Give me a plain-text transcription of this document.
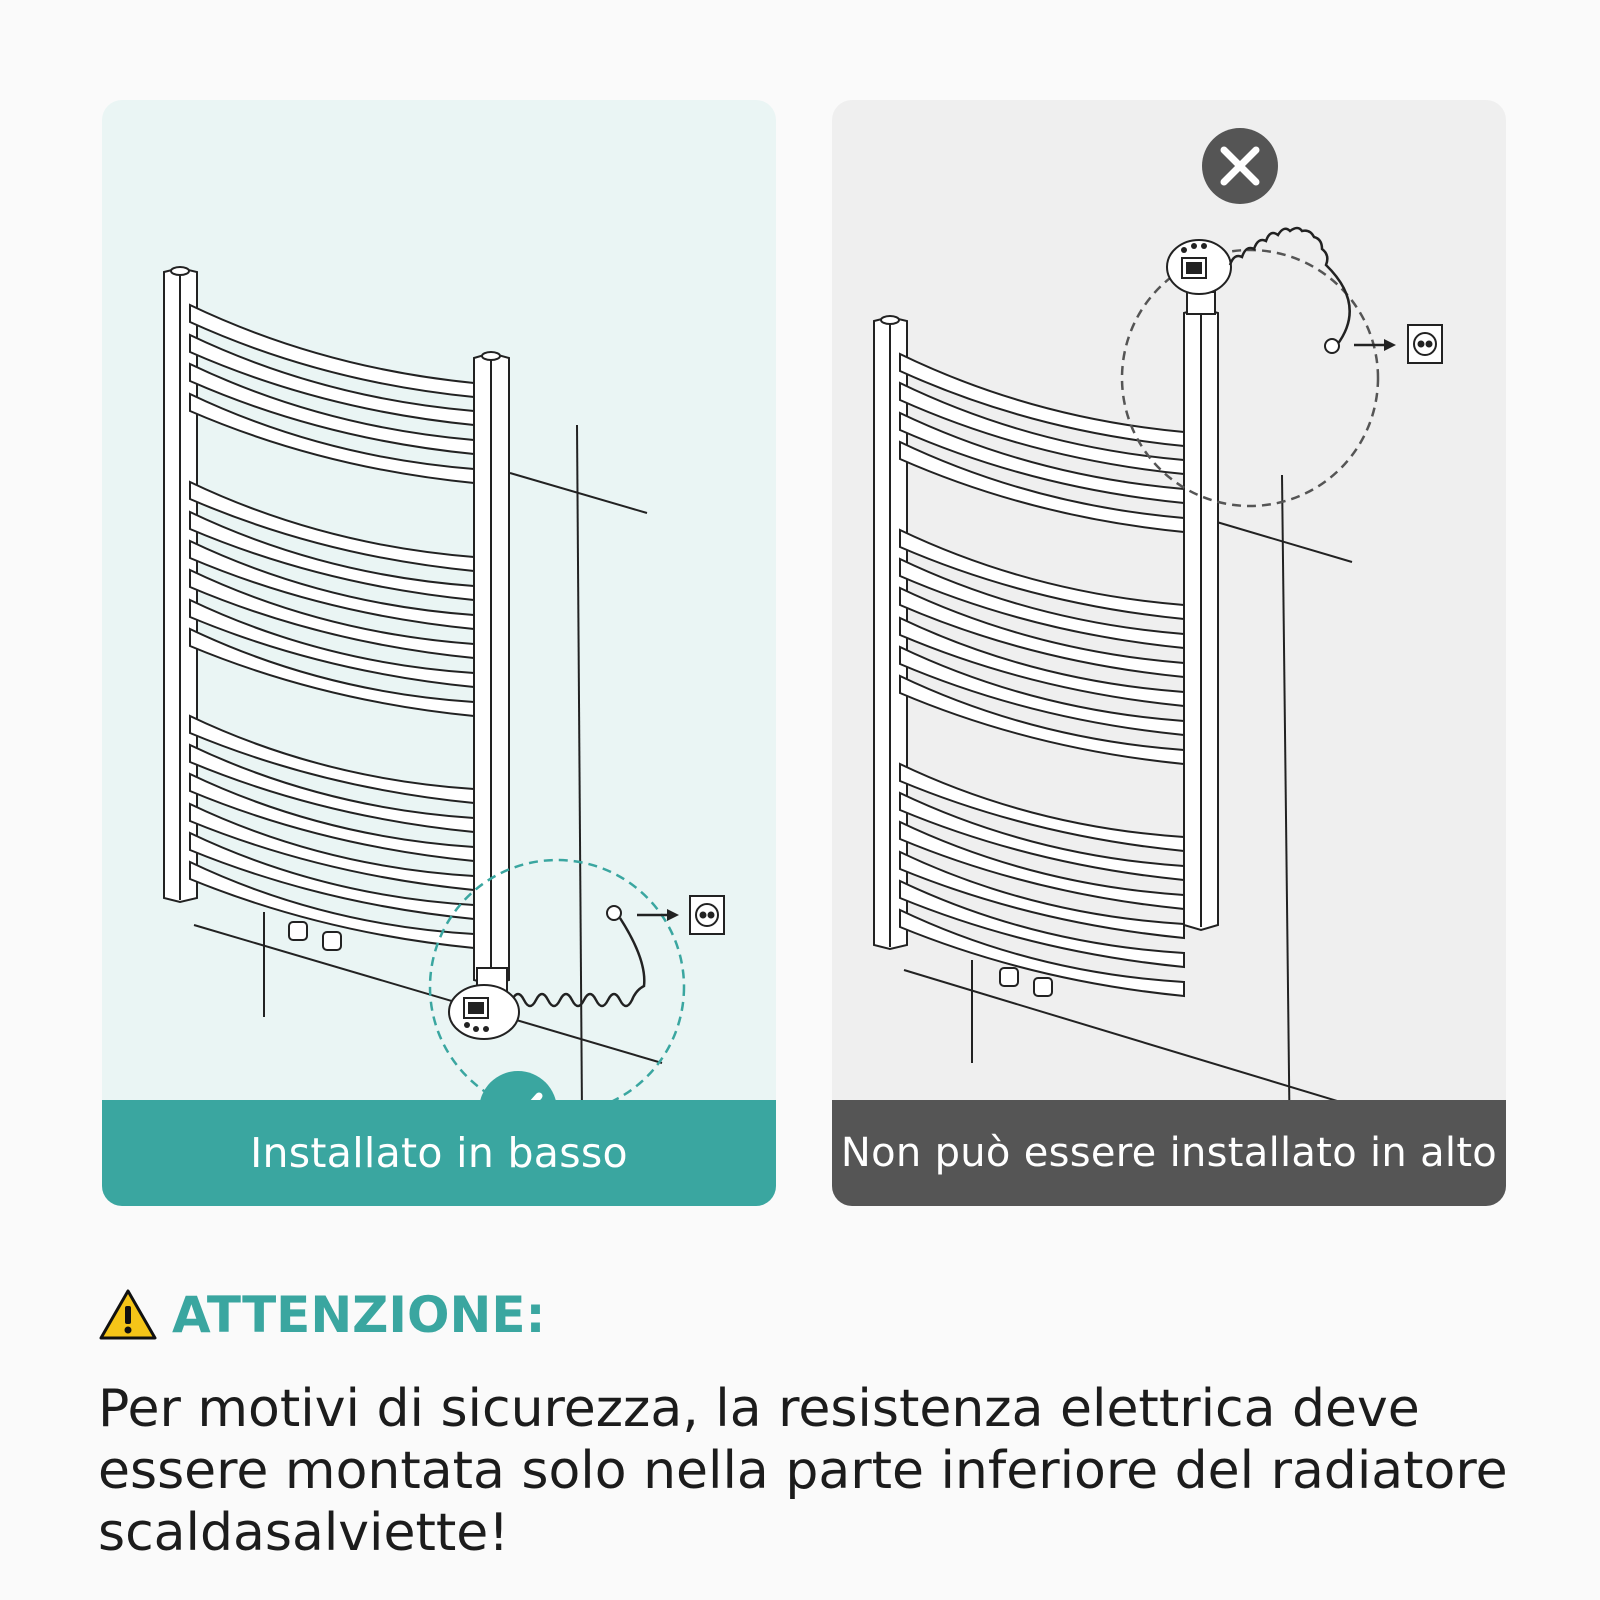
Installato in basso	Non può essere installato in alto
ATTENZIONE:
Per motivi di sicurezza, la resistenza elettrica deve essere montata solo nella parte inferiore del radiatore scaldasalviette!
